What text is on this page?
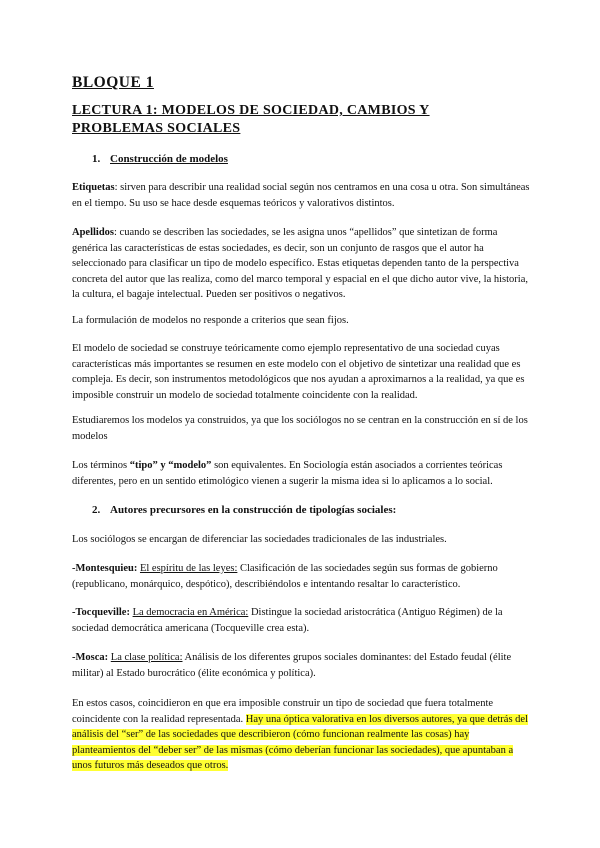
BLOQUE 1
LECTURA 1: MODELOS DE SOCIEDAD, CAMBIOS Y PROBLEMAS SOCIALES
1. Construcción de modelos
Etiquetas: sirven para describir una realidad social según nos centramos en una cosa u otra. Son simultáneas en el tiempo. Su uso se hace desde esquemas teóricos y valorativos distintos.
Apellidos: cuando se describen las sociedades, se les asigna unos “apellidos” que sintetizan de forma genérica las características de estas sociedades, es decir, son un conjunto de rasgos que el autor ha seleccionado para clasificar un tipo de modelo específico. Estas etiquetas dependen tanto de la perspectiva concreta del autor que las realiza, como del marco temporal y espacial en el que dicho autor vive, la historia, la cultura, el bagaje intelectual. Pueden ser positivos o negativos.
La formulación de modelos no responde a criterios que sean fijos.
El modelo de sociedad se construye teóricamente como ejemplo representativo de una sociedad cuyas características más importantes se resumen en este modelo con el objetivo de sintetizar una realidad que es compleja. Es decir, son instrumentos metodológicos que nos ayudan a aproximarnos a la realidad, ya que es imposible construir un modelo de sociedad totalmente coincidente con la realidad.
Estudiaremos los modelos ya construidos, ya que los sociólogos no se centran en la construcción en sí de los modelos
Los términos “tipo” y “modelo” son equivalentes. En Sociología están asociados a corrientes teóricas diferentes, pero en un sentido etimológico vienen a sugerir la misma idea si lo aplicamos a lo social.
2. Autores precursores en la construcción de tipologías sociales:
Los sociólogos se encargan de diferenciar las sociedades tradicionales de las industriales.
-Montesquieu: El espíritu de las leyes: Clasificación de las sociedades según sus formas de gobierno (republicano, monárquico, despótico), describiéndolos e intentando resaltar lo característico.
-Tocqueville: La democracia en América: Distingue la sociedad aristocrática (Antiguo Régimen) de la sociedad democrática americana (Tocqueville crea esta).
-Mosca: La clase política: Análisis de los diferentes grupos sociales dominantes: del Estado feudal (élite militar) al Estado burocrático (élite económica y política).
En estos casos, coincidieron en que era imposible construir un tipo de sociedad que fuera totalmente coincidente con la realidad representada. Hay una óptica valorativa en los diversos autores, ya que detrás del análisis del “ser” de las sociedades que describieron (cómo funcionan realmente las cosas) hay planteamientos del “deber ser” de las mismas (cómo deberían funcionar las sociedades), que apuntaban a unos futuros más deseados que otros.
